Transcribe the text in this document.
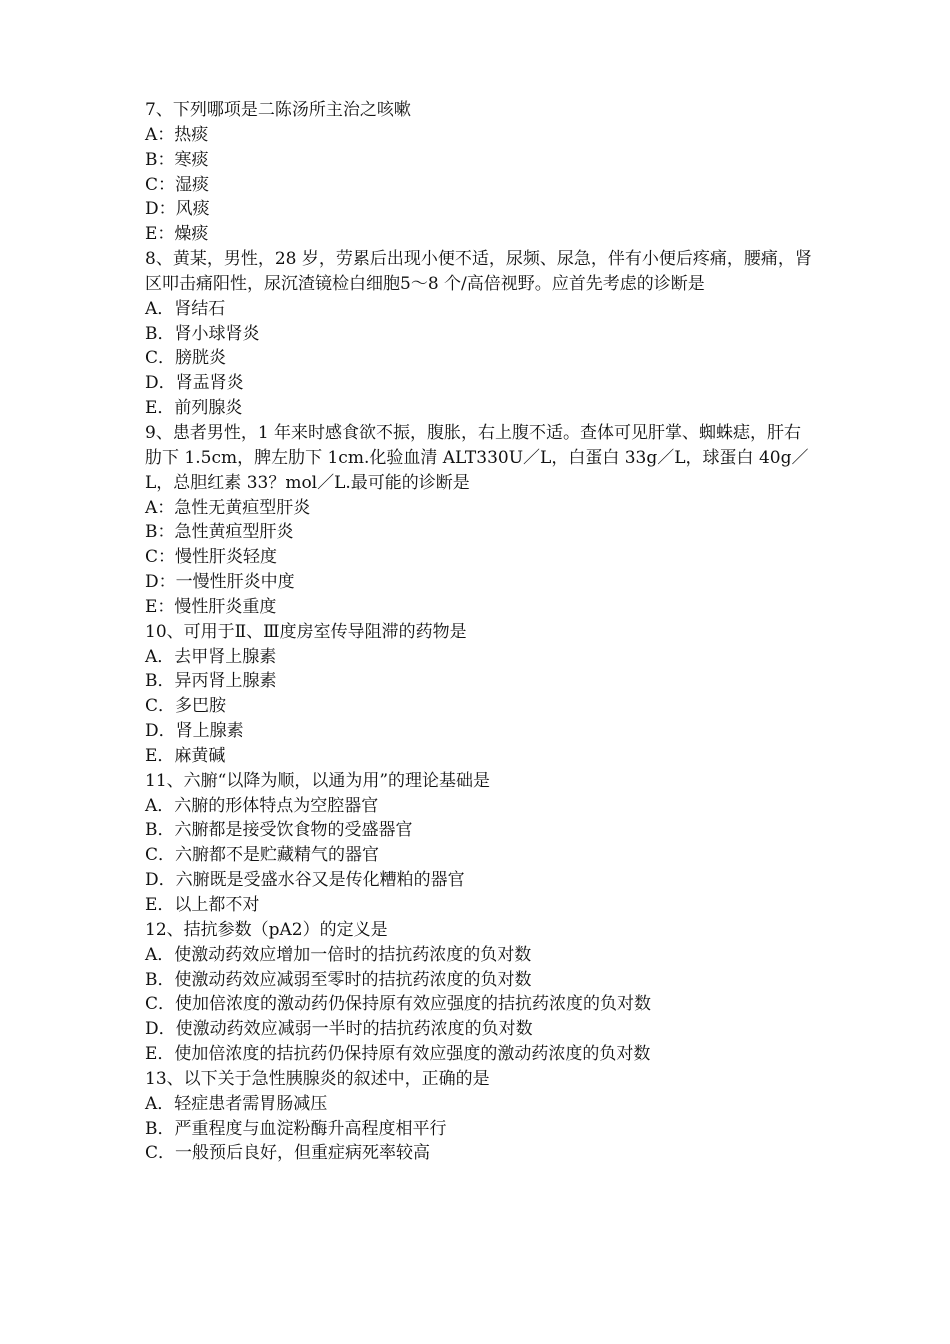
7、下列哪项是二陈汤所主治之咳嗽

A：热痰

B：寒痰

C：湿痰

D：风痰

E：燥痰

8、黄某，男性，28 岁，劳累后出现小便不适，尿频、尿急，伴有小便后疼痛，腰痛，肾区叩击痛阳性，尿沉渣镜检白细胞5～8 个/高倍视野。应首先考虑的诊断是

A．肾结石

B．肾小球肾炎

C．膀胱炎

D．肾盂肾炎

E．前列腺炎

9、患者男性，1 年来时感食欲不振，腹胀，右上腹不适。查体可见肝掌、蜘蛛痣，肝右肋下 1.5cm，脾左肋下 1cm.化验血清 ALT330U／L，白蛋白 33g／L，球蛋白 40g／L，总胆红素 33？mol／L.最可能的诊断是

A：急性无黄疸型肝炎

B：急性黄疸型肝炎

C：慢性肝炎轻度

D：一慢性肝炎中度

E：慢性肝炎重度

10、可用于Ⅱ、Ⅲ度房室传导阻滞的药物是

A．去甲肾上腺素

B．异丙肾上腺素

C．多巴胺

D．肾上腺素

E．麻黄碱

11、六腑“以降为顺，以通为用”的理论基础是

A．六腑的形体特点为空腔器官

B．六腑都是接受饮食物的受盛器官

C．六腑都不是贮藏精气的器官

D．六腑既是受盛水谷又是传化糟粕的器官

E．以上都不对

12、拮抗参数（pA2）的定义是

A．使激动药效应增加一倍时的拮抗药浓度的负对数

B．使激动药效应减弱至零时的拮抗药浓度的负对数

C．使加倍浓度的激动药仍保持原有效应强度的拮抗药浓度的负对数

D．使激动药效应减弱一半时的拮抗药浓度的负对数

E．使加倍浓度的拮抗药仍保持原有效应强度的激动药浓度的负对数

13、以下关于急性胰腺炎的叙述中，正确的是

A．轻症患者需胃肠减压

B．严重程度与血淀粉酶升高程度相平行

C．一般预后良好，但重症病死率较高
